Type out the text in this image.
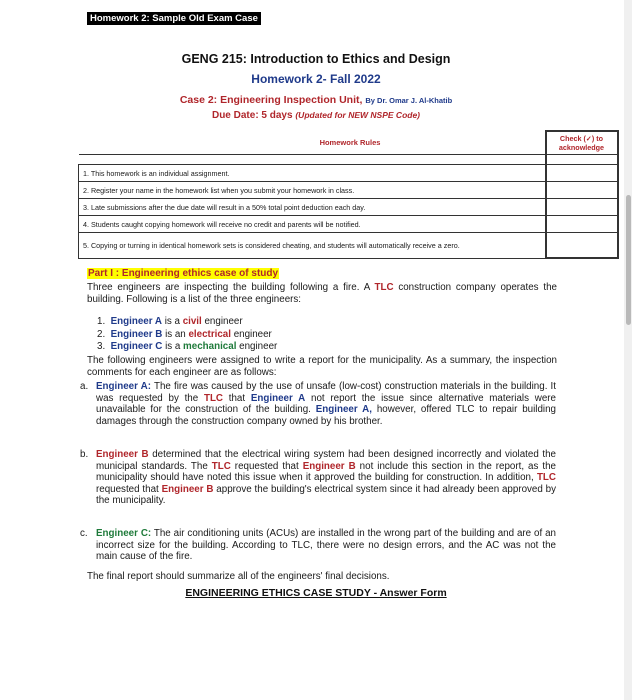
Homework 2: Sample Old Exam Case
GENG 215: Introduction to Ethics and Design
Homework 2- Fall 2022
Case 2: Engineering Inspection Unit, By Dr. Omar J. Al-Khatib
Due Date: 5 days (Updated for NEW NSPE Code)
Homework Rules	Check (✓) to
acknowledge

1. This homework is an individual assignment.	
2. Register your name in the homework list when you submit your homework in class.	
3. Late submissions after the due date will result in a 50% total point deduction each day.	
4. Students caught copying homework will receive no credit and parents will be notified.	
5. Copying or turning in identical homework sets is considered cheating, and students will automatically receive a zero.	
Part I : Engineering ethics case of study
Three engineers are inspecting the building following a fire. A TLC construction company operates the building. Following is a list of the three engineers:
1. Engineer A is a civil engineer
2. Engineer B is an electrical engineer
3. Engineer C is a mechanical engineer
The following engineers were assigned to write a report for the municipality. As a summary, the inspection comments for each engineer are as follows:
a. Engineer A: The fire was caused by the use of unsafe (low-cost) construction materials in the building. It was requested by the TLC that Engineer A not report the issue since alternative materials were unavailable for the construction of the building. Engineer A, however, offered TLC to repair building damages through the construction company owned by his brother.
b. Engineer B determined that the electrical wiring system had been designed incorrectly and violated the municipal standards. The TLC requested that Engineer B not include this section in the report, as the municipality should have noted this issue when it approved the building for construction. In addition, TLC requested that Engineer B approve the building's electrical system since it had already been approved by the municipality.
c. Engineer C: The air conditioning units (ACUs) are installed in the wrong part of the building and are of an incorrect size for the building. According to TLC, there were no design errors, and the AC was not the main cause of the fire.
The final report should summarize all of the engineers' final decisions.
ENGINEERING ETHICS CASE STUDY - Answer Form
